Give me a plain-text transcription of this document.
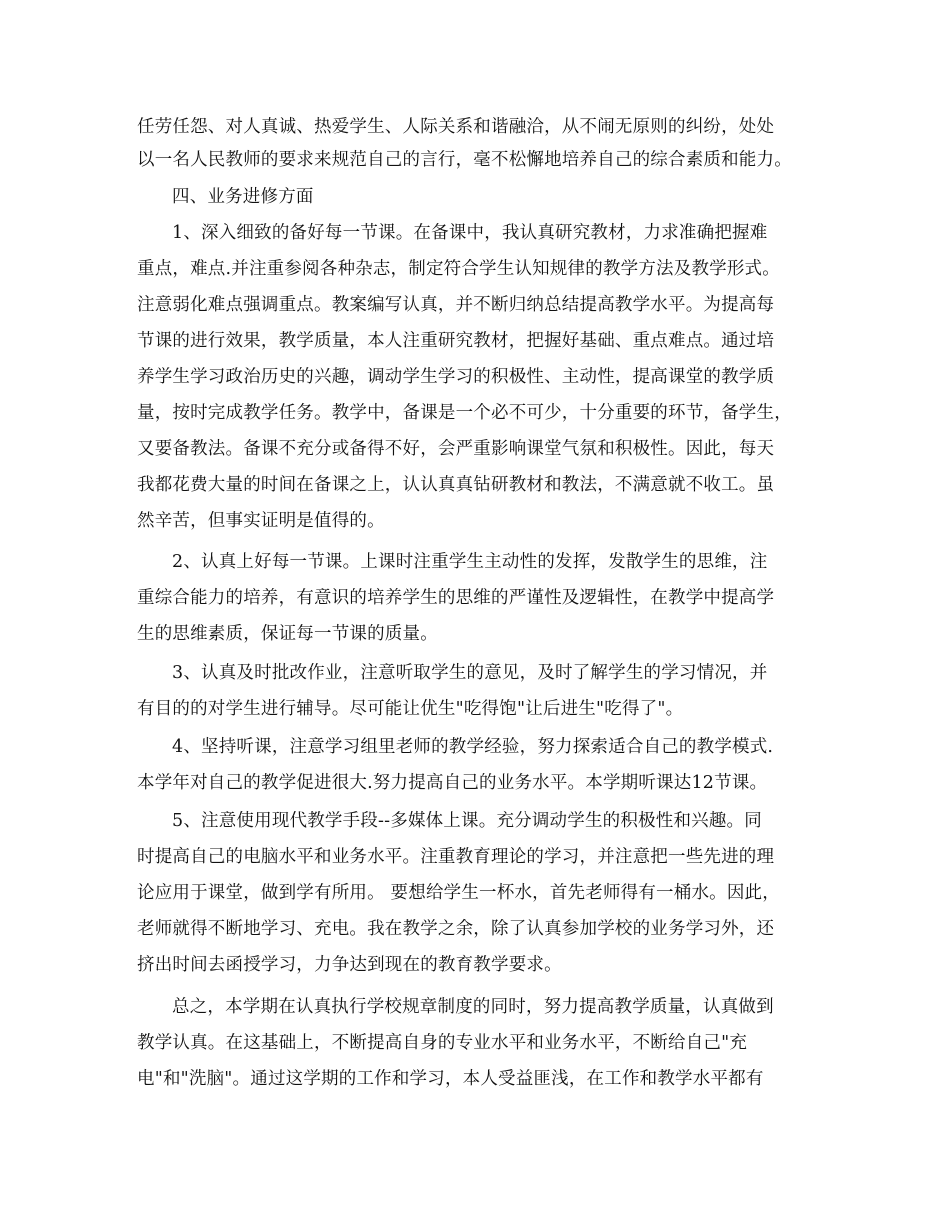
任劳任怨、对人真诚、热爱学生、人际关系和谐融洽，从不闹无原则的纠纷，处处
以一名人民教师的要求来规范自己的言行，毫不松懈地培养自己的综合素质和能力。
四、业务进修方面
1、深入细致的备好每一节课。在备课中，我认真研究教材，力求准确把握难
重点，难点.并注重参阅各种杂志，制定符合学生认知规律的教学方法及教学形式。
注意弱化难点强调重点。教案编写认真，并不断归纳总结提高教学水平。为提高每
节课的进行效果，教学质量，本人注重研究教材，把握好基础、重点难点。通过培
养学生学习政治历史的兴趣，调动学生学习的积极性、主动性，提高课堂的教学质
量，按时完成教学任务。教学中，备课是一个必不可少，十分重要的环节，备学生，
又要备教法。备课不充分或备得不好，会严重影响课堂气氛和积极性。因此，每天
我都花费大量的时间在备课之上，认认真真钻研教材和教法，不满意就不收工。虽
然辛苦，但事实证明是值得的。
2、认真上好每一节课。上课时注重学生主动性的发挥，发散学生的思维，注
重综合能力的培养，有意识的培养学生的思维的严谨性及逻辑性，在教学中提高学
生的思维素质，保证每一节课的质量。
3、认真及时批改作业，注意听取学生的意见，及时了解学生的学习情况，并
有目的的对学生进行辅导。尽可能让优生"吃得饱"让后进生"吃得了"。
4、坚持听课，注意学习组里老师的教学经验，努力探索适合自己的教学模式.
本学年对自己的教学促进很大.努力提高自己的业务水平。本学期听课达12节课。
5、注意使用现代教学手段--多媒体上课。充分调动学生的积极性和兴趣。同
时提高自己的电脑水平和业务水平。注重教育理论的学习，并注意把一些先进的理
论应用于课堂，做到学有所用。 要想给学生一杯水，首先老师得有一桶水。因此，
老师就得不断地学习、充电。我在教学之余，除了认真参加学校的业务学习外，还
挤出时间去函授学习，力争达到现在的教育教学要求。
总之，本学期在认真执行学校规章制度的同时，努力提高教学质量，认真做到
教学认真。在这基础上，不断提高自身的专业水平和业务水平，不断给自己"充
电"和"洗脑"。通过这学期的工作和学习，本人受益匪浅，在工作和教学水平都有
